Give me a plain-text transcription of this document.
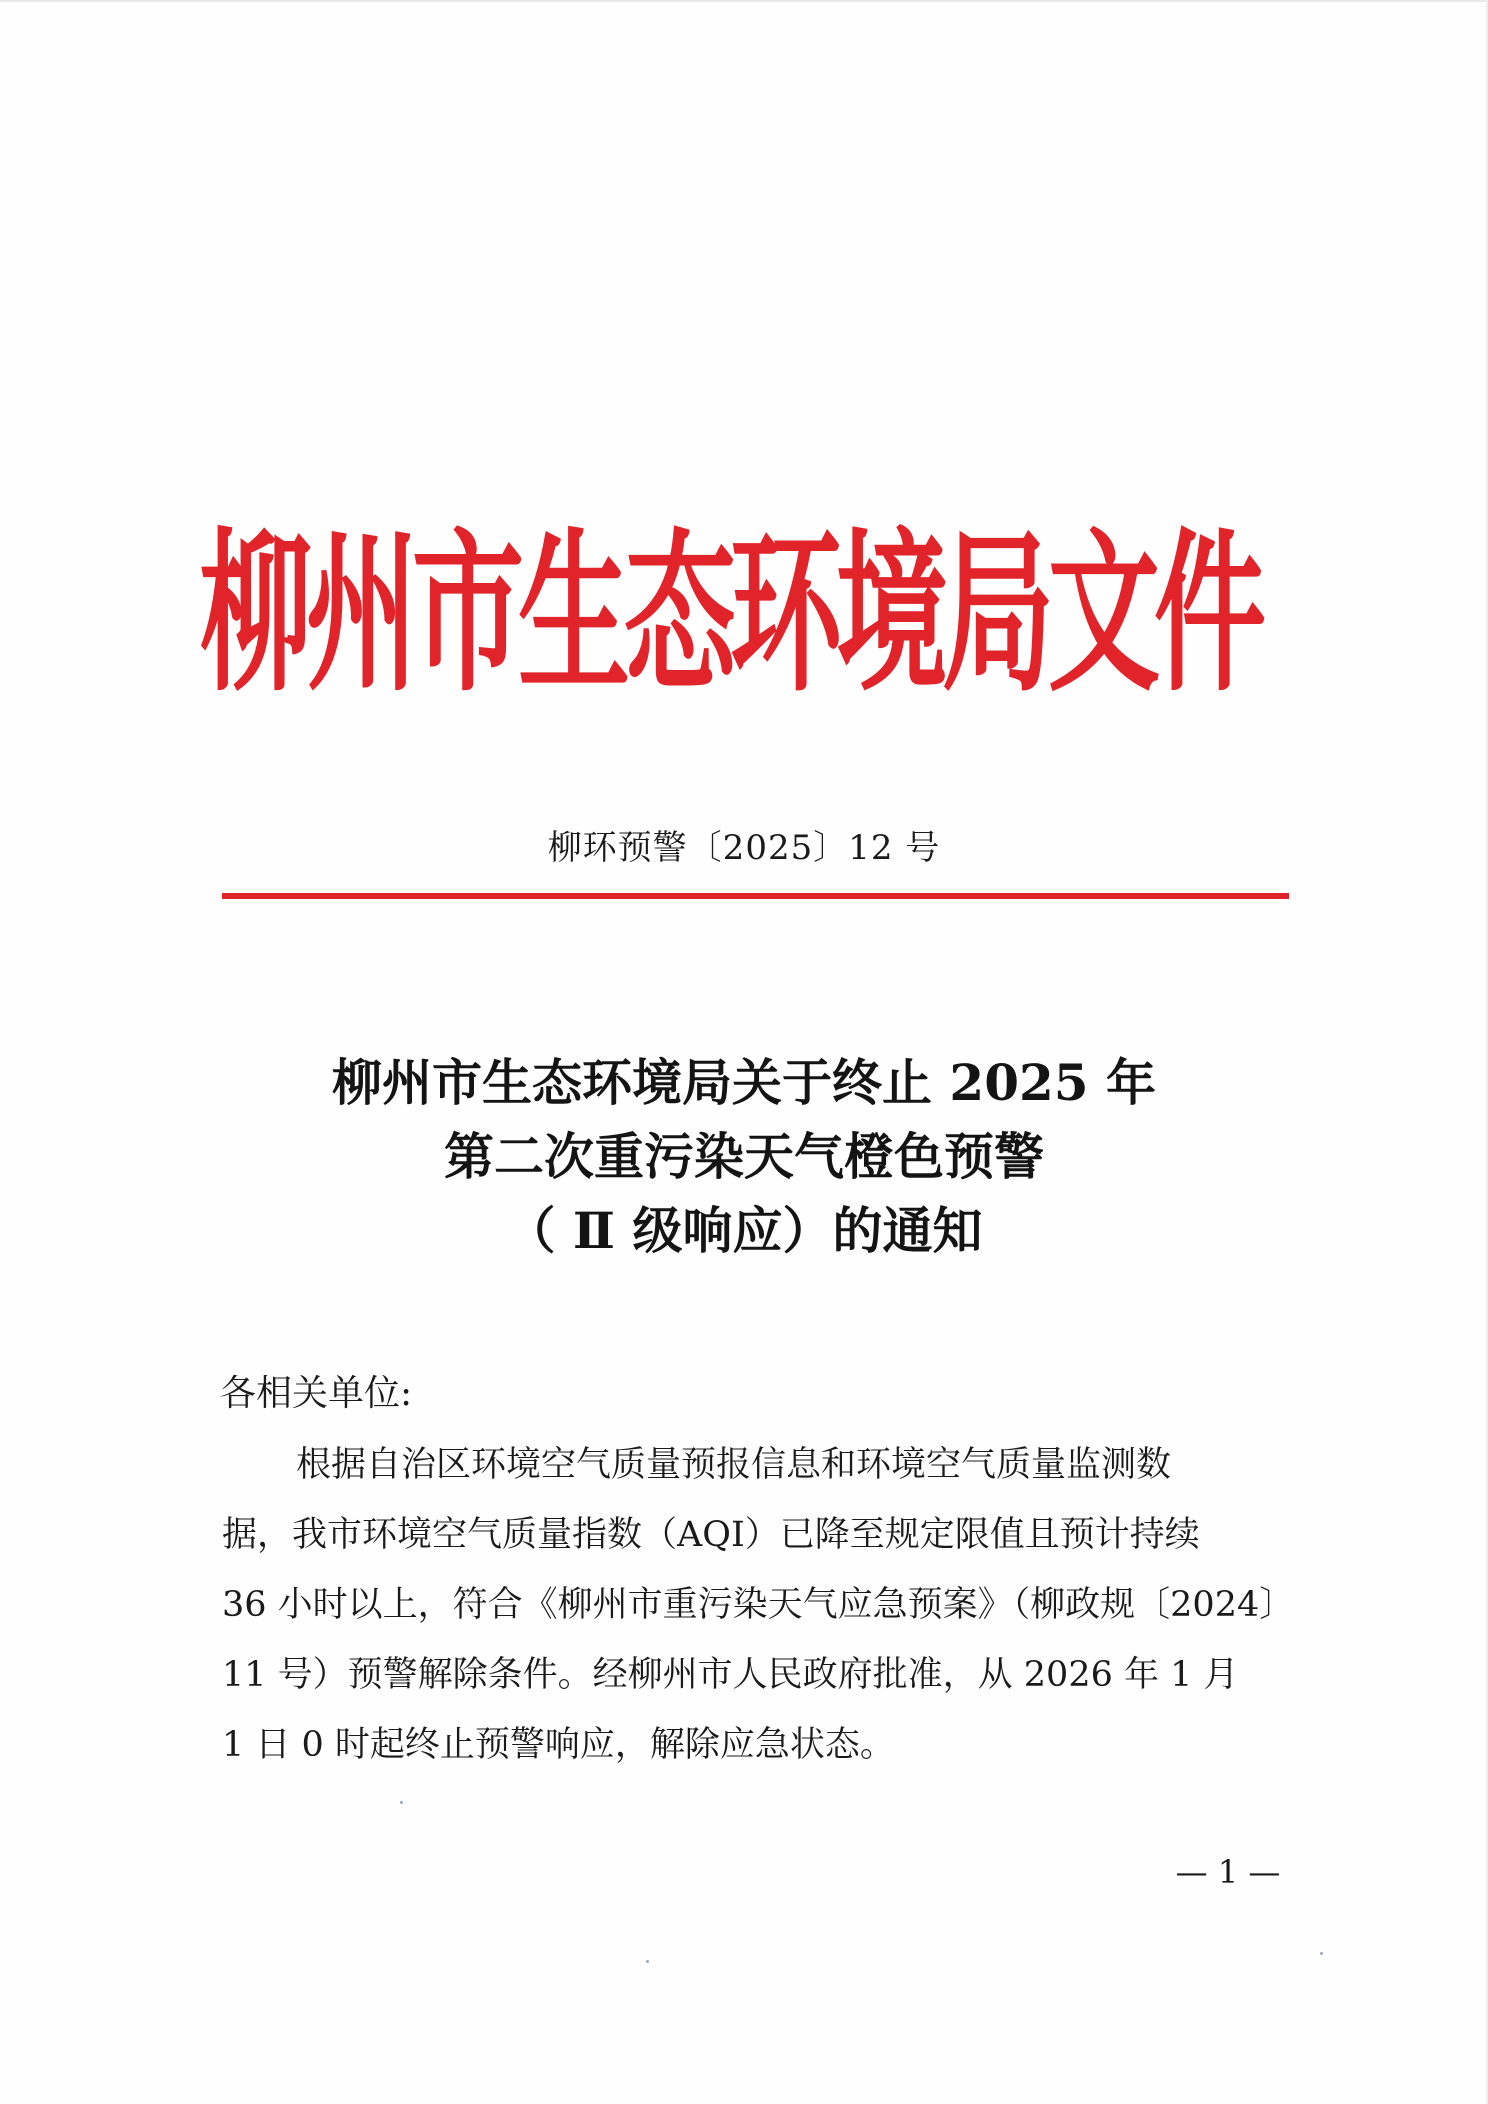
柳州市生态环境局文件
柳环预警〔2025〕12 号
柳州市生态环境局关于终止 2025 年
第二次重污染天气橙色预警
（ Ⅱ 级响应）的通知
各相关单位:
根据自治区环境空气质量预报信息和环境空气质量监测数
据，我市环境空气质量指数（AQI）已降至规定限值且预计持续
36 小时以上，符合《柳州市重污染天气应急预案》（柳政规〔2024〕
11 号）预警解除条件。经柳州市人民政府批准，从 2026 年 1 月
1 日 0 时起终止预警响应，解除应急状态。
— 1 —
